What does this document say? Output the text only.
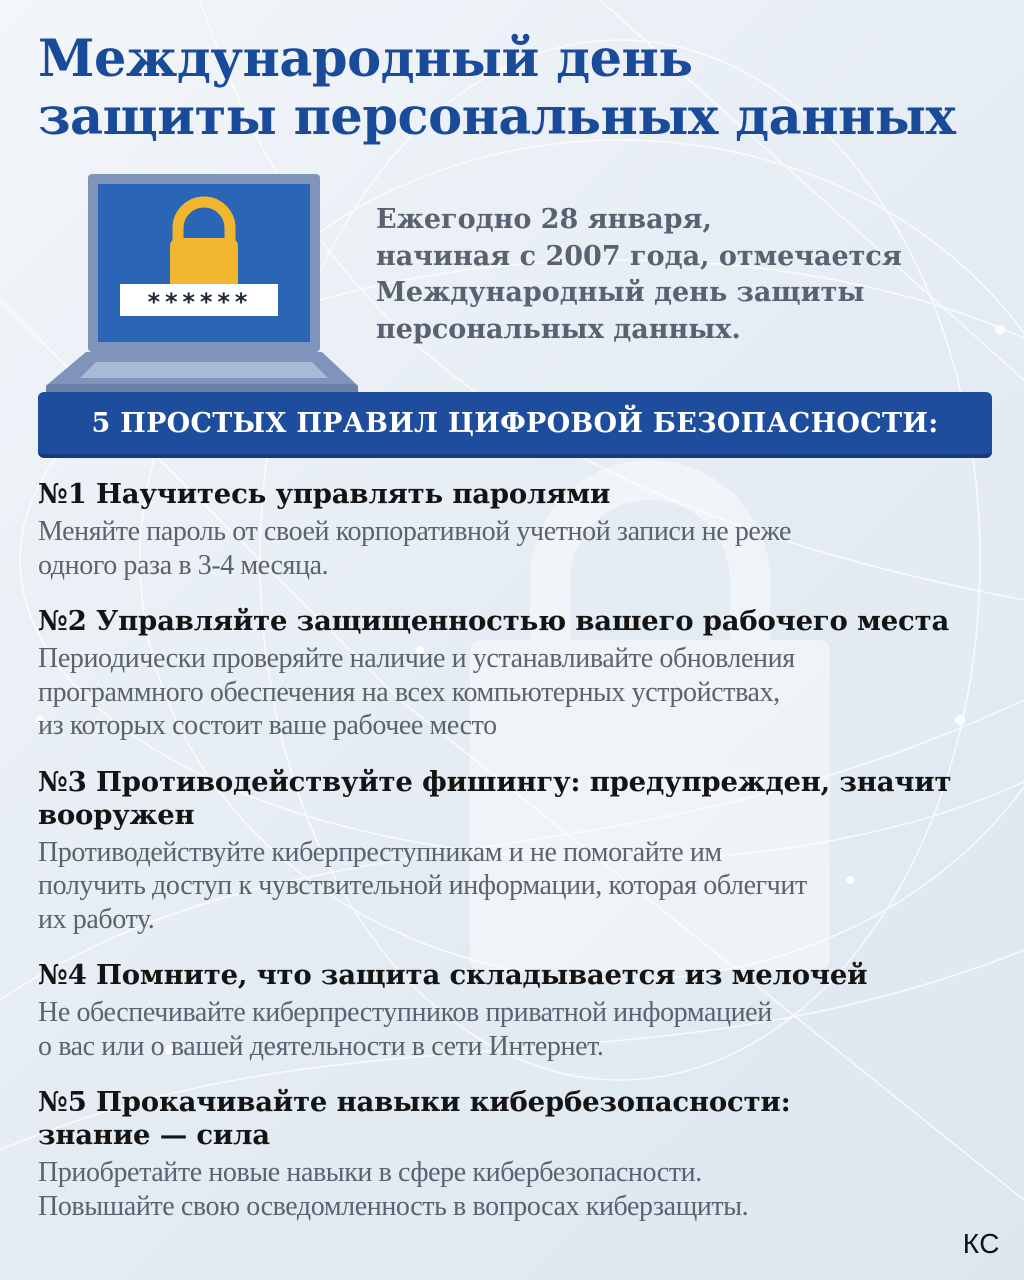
Международный день
защиты персональных данных
******
Ежегодно 28 января,
начиная с 2007 года, отмечается
Международный день защиты
персональных данных.
5 ПРОСТЫХ ПРАВИЛ ЦИФРОВОЙ БЕЗОПАСНОСТИ:
№1 Научитесь управлять паролями
Меняйте пароль от своей корпоративной учетной записи не реже
одного раза в 3-4 месяца.
№2 Управляйте защищенностью вашего рабочего места
Периодически проверяйте наличие и устанавливайте обновления
программного обеспечения на всех компьютерных устройствах,
из которых состоит ваше рабочее место
№3 Противодействуйте фишингу: предупрежден, значит
вооружен
Противодействуйте киберпреступникам и не помогайте им
получить доступ к чувствительной информации, которая облегчит
их работу.
№4 Помните, что защита складывается из мелочей
Не обеспечивайте киберпреступников приватной информацией
о вас или о вашей деятельности в сети Интернет.
№5 Прокачивайте навыки кибербезопасности:
знание — сила
Приобретайте новые навыки в сфере кибербезопасности.
Повышайте свою осведомленность в вопросах киберзащиты.
КС
